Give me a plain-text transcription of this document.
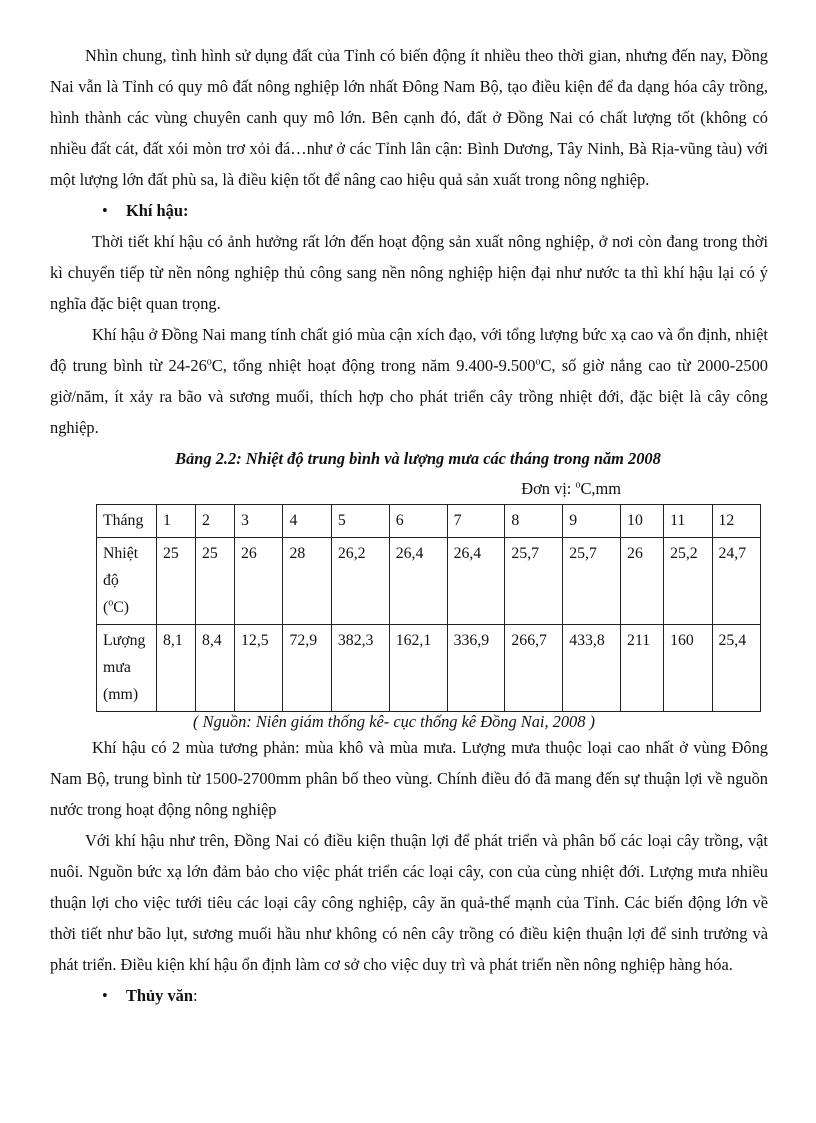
Nhìn chung, tình hình sử dụng đất của Tỉnh có biến động ít nhiều theo thời gian, nhưng đến nay, Đồng Nai vẫn là Tỉnh có quy mô đất nông nghiệp lớn nhất Đông Nam Bộ, tạo điều kiện để đa dạng hóa cây trồng, hình thành các vùng chuyên canh quy mô lớn. Bên cạnh đó, đất ở Đồng Nai có chất lượng tốt (không có nhiều đất cát, đất xói mòn trơ xỏi đá…như ở các Tỉnh lân cận: Bình Dương, Tây Ninh, Bà Rịa-vũng tàu) với một lượng lớn đất phù sa, là điều kiện tốt để nâng cao hiệu quả sản xuất trong nông nghiệp.

• Khí hậu:

Thời tiết khí hậu có ảnh hưởng rất lớn đến hoạt động sản xuất nông nghiệp, ở nơi còn đang trong thời kì chuyển tiếp từ nền nông nghiệp thủ công sang nền nông nghiệp hiện đại như nước ta thì khí hậu lại có ý nghĩa đặc biệt quan trọng.

Khí hậu ở Đồng Nai mang tính chất gió mùa cận xích đạo, với tổng lượng bức xạ cao và ổn định, nhiệt độ trung bình từ 24-26$^o$C, tổng nhiệt hoạt động trong năm 9.400-9.500$^o$C, số giờ nắng cao từ 2000-2500 giờ/năm, ít xảy ra bão và sương muối, thích hợp cho phát triển cây trồng nhiệt đới, đặc biệt là cây công nghiệp.

Bảng 2.2: Nhiệt độ trung bình và lượng mưa các tháng trong năm 2008

Đơn vị: $^o$C,mm

Tháng	1	2	3	4	5	6	7	8	9	10	11	12
Nhiệt
độ
($^o$C)	25	25	26	28	26,2	26,4	26,4	25,7	25,7	26	25,2	24,7
Lượng
mưa
(mm)	8,1	8,4	12,5	72,9	382,3	162,1	336,9	266,7	433,8	211	160	25,4

( Nguồn: Niên giám thống kê- cục thống kê Đồng Nai, 2008 )

Khí hậu có 2 mùa tương phản: mùa khô và mùa mưa. Lượng mưa thuộc loại cao nhất ở vùng Đông Nam Bộ, trung bình từ 1500-2700mm phân bố theo vùng. Chính điều đó đã mang đến sự thuận lợi về nguồn nước trong hoạt động nông nghiệp

Với khí hậu như trên, Đồng Nai có điều kiện thuận lợi để phát triển và phân bố các loại cây trồng, vật nuôi. Nguồn bức xạ lớn đảm bảo cho việc phát triển các loại cây, con của cùng nhiệt đới. Lượng mưa nhiều thuận lợi cho việc tưới tiêu các loại cây công nghiệp, cây ăn quả-thế mạnh của Tỉnh. Các biến động lớn về thời tiết như bão lụt, sương muối hầu như không có nên cây trồng có điều kiện thuận lợi để sinh trưởng và phát triển. Điều kiện khí hậu ổn định làm cơ sở cho việc duy trì và phát triển nền nông nghiệp hàng hóa.

• Thủy văn:
